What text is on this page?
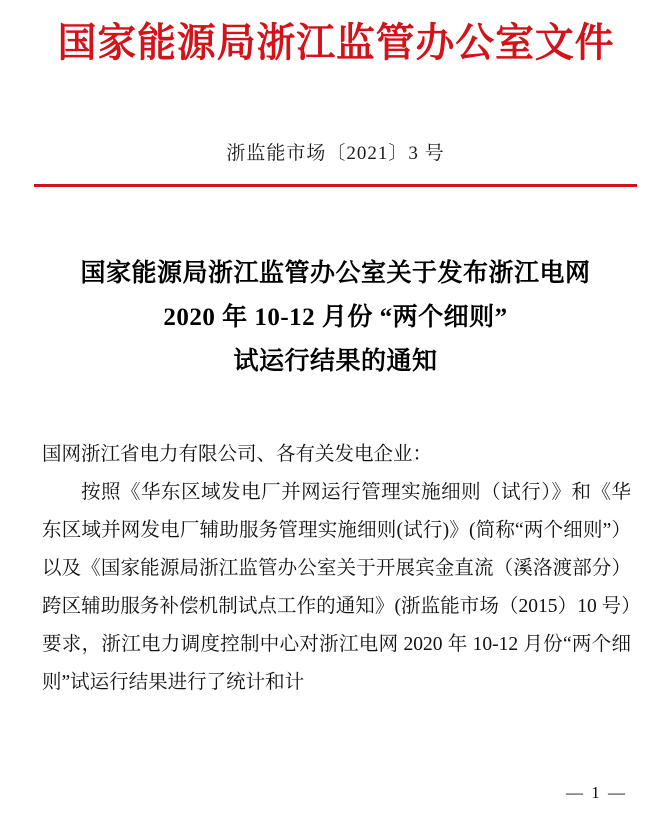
国家能源局浙江监管办公室文件
浙监能市场〔2021〕3 号
国家能源局浙江监管办公室关于发布浙江电网
2020 年 10-12 月份 “两个细则”
试运行结果的通知

国网浙江省电力有限公司、各有关发电企业：

按照《华东区域发电厂并网运行管理实施细则（试行）》和《华东区域并网发电厂辅助服务管理实施细则(试行)》(简称“两个细则”）以及《国家能源局浙江监管办公室关于开展宾金直流（溪洛渡部分）跨区辅助服务补偿机制试点工作的通知》(浙监能市场（2015）10 号）要求，浙江电力调度控制中心对浙江电网 2020 年 10-12 月份“两个细则”试运行结果进行了统计和计

— 1 —
